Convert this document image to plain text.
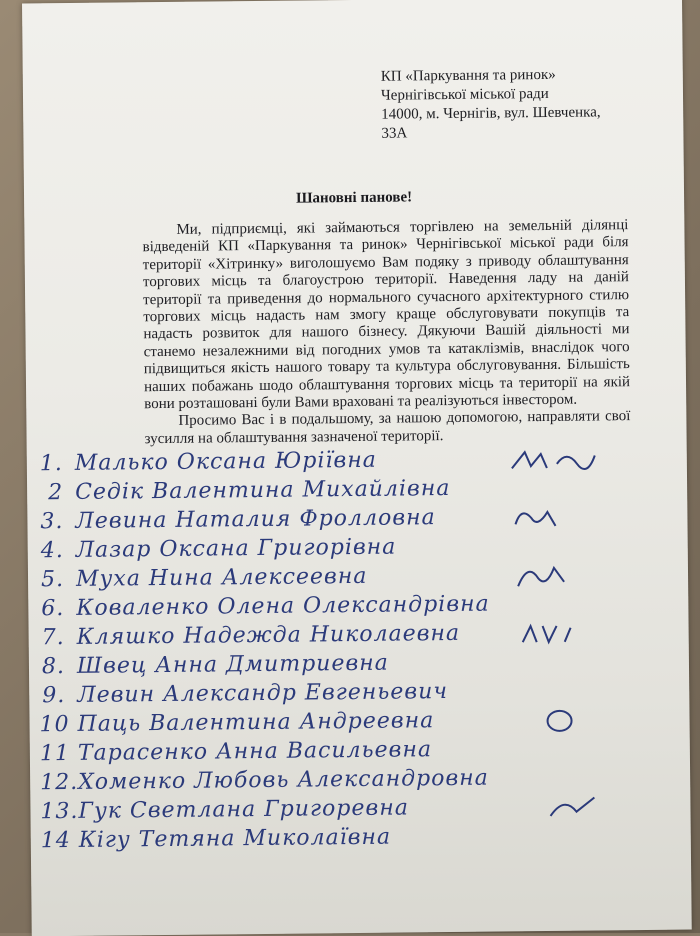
​
КП «Паркування та ринок»
Чернігівської міської ради
14000, м. Чернігів, вул. Шевченка,
33А
Шановні панове!

Ми, підприємці, які займаються торгівлею на земельній ділянці відведеній КП «Паркування та ринок» Чернігівської міської ради біля території «Хітринку» виголошуємо Вам подяку з приводу облаштування торгових місць та благоустрою території. Наведення ладу на даній території та приведення до нормального сучасного архітектурного стилю торгових місць надасть нам змогу краще обслуговувати покупців та надасть розвиток для нашого бізнесу. Дякуючи Вашій діяльності ми станемо незалежними від погодних умов та катаклізмів, внаслідок чого підвищиться якість нашого товару та культура обслуговування. Більшість наших побажань шодо облаштування торгових місць та території на якій вони розташовані були Вами враховані та реалізуються інвестором.

Просимо Вас і в подальшому, за нашою допомогою, направляти свої зусилля на облаштування зазначеної території.

1. Малько Оксана Юріївна
2 Седік Валентина Михайлівна
3. Левина Наталия Фролловна
4. Лазар Оксана Григорівна
5. Муха Нина Алексеевна
6. Коваленко Олена Олександрівна
7. Кляшко Надежда Николаевна
8. Швец Анна Дмитриевна
9. Левин Александр Евгеньевич
10 Паць Валентина Андреевна
11 Тарасенко Анна Васильевна
12.Хоменко Любовь Александровна
13.Гук Светлана Григоревна
14 Кігу Тетяна Миколаївна
